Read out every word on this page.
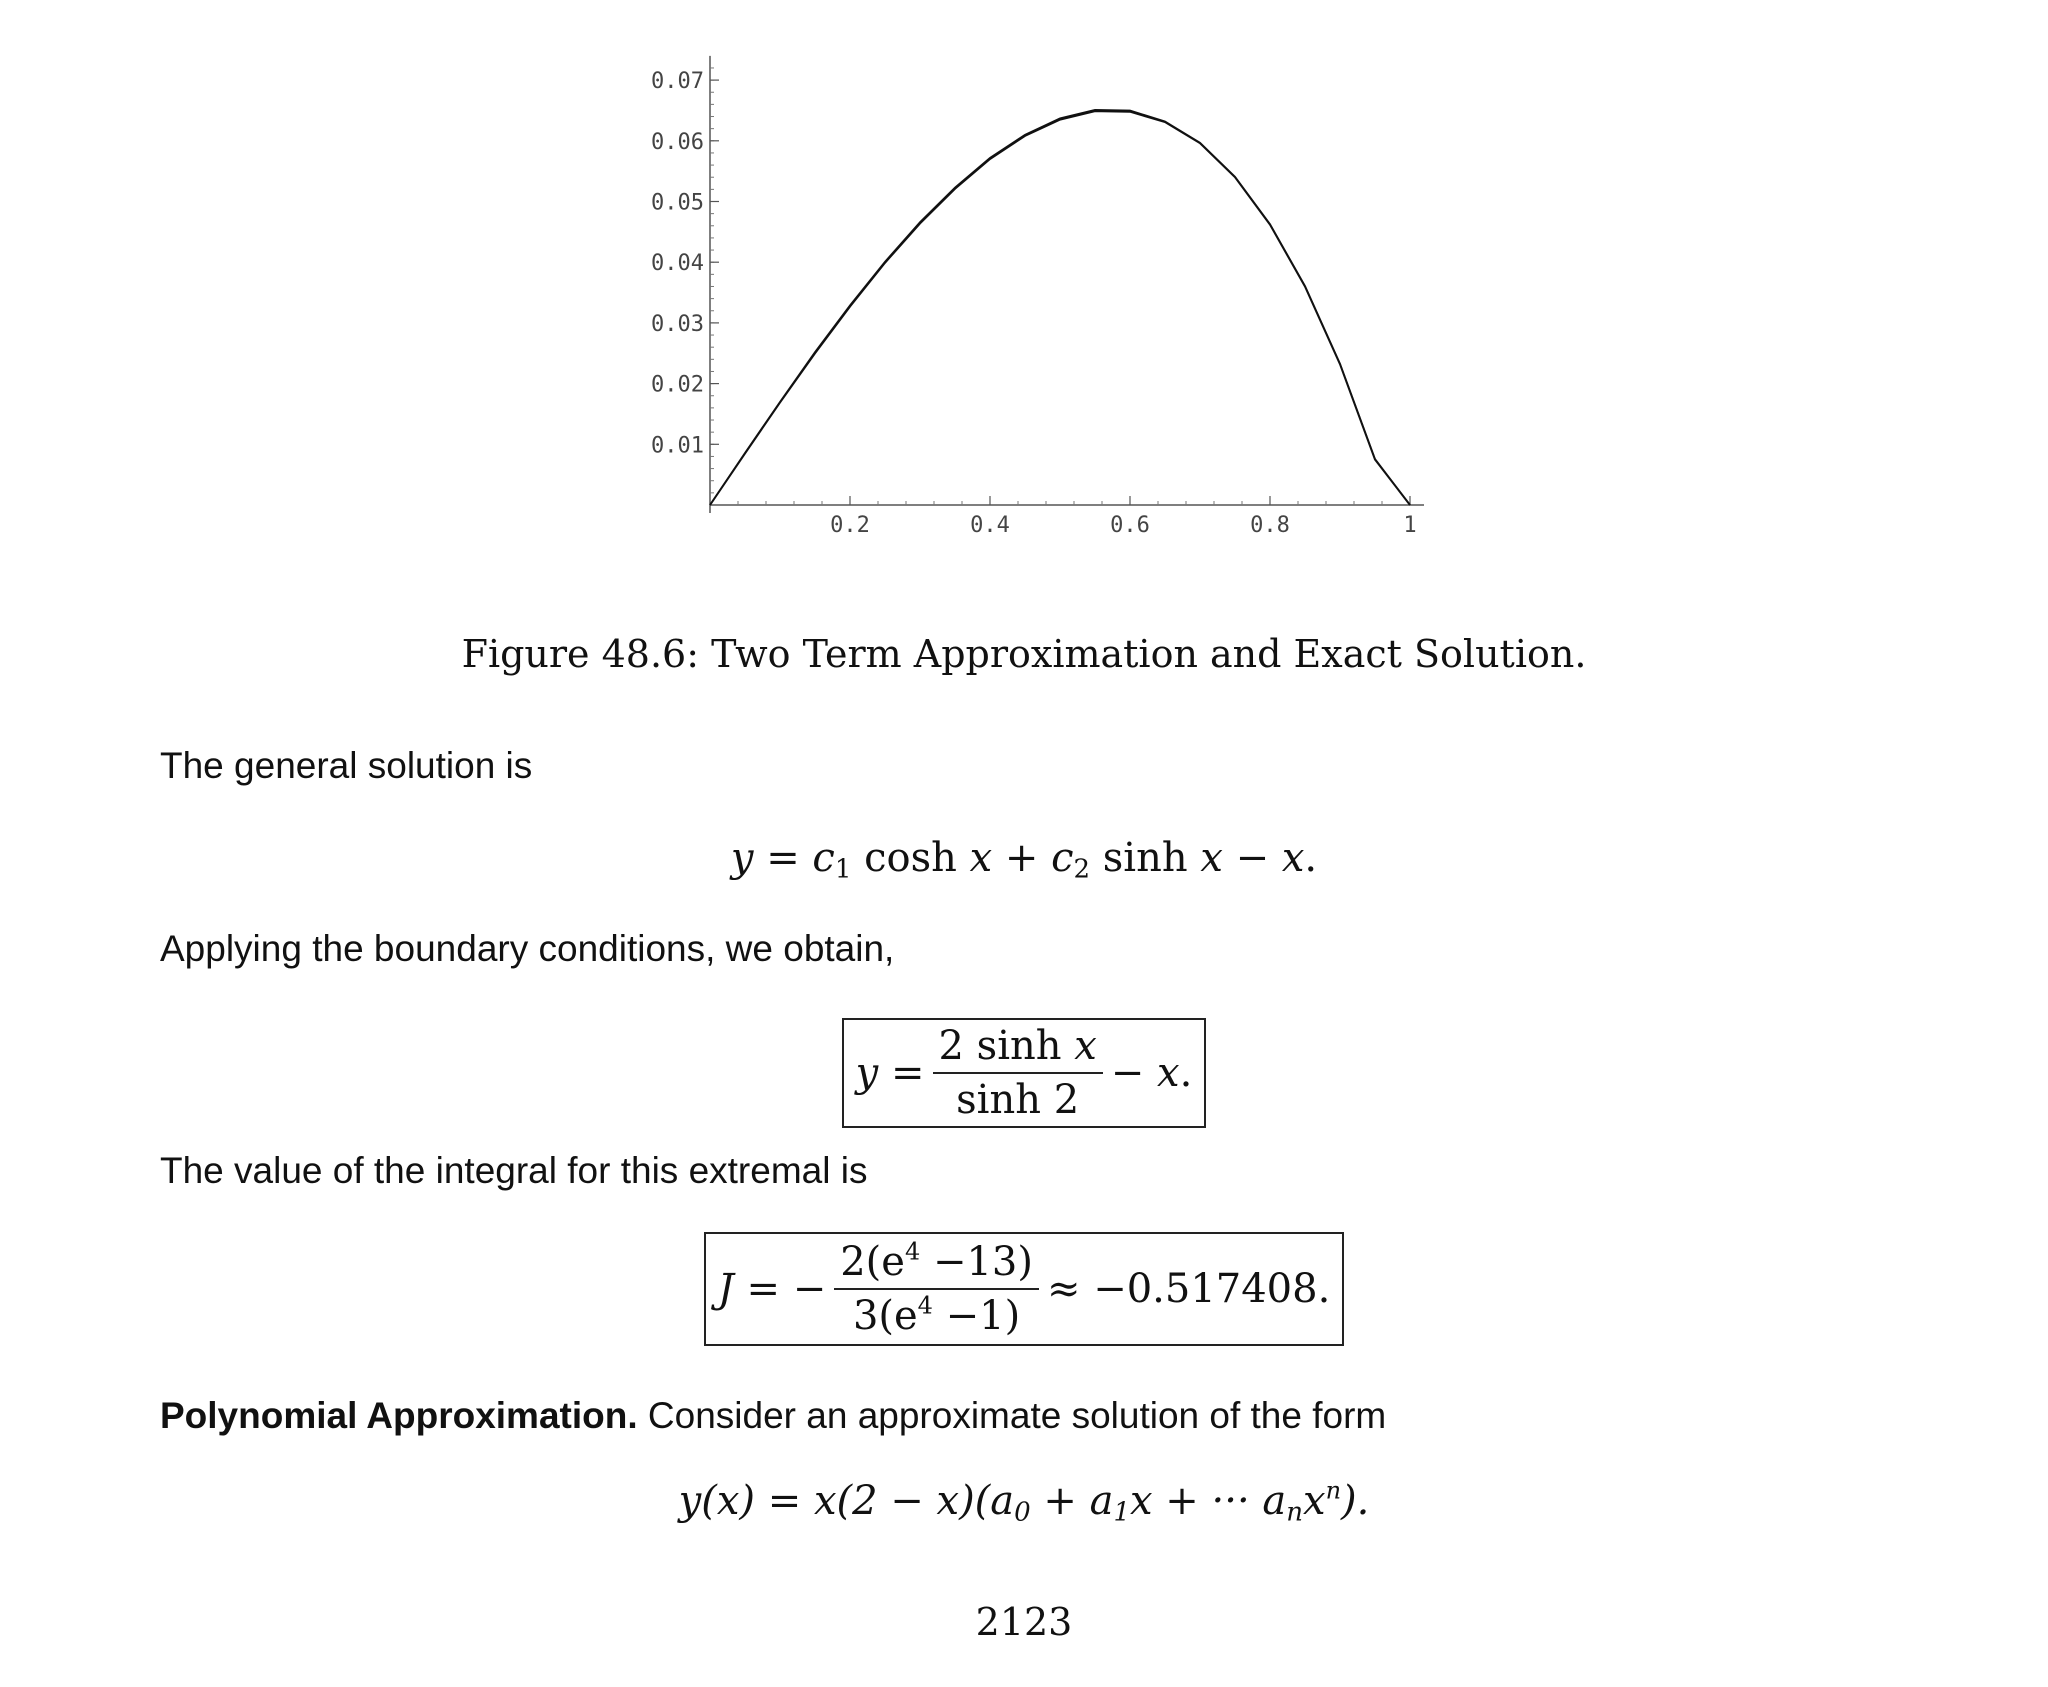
0.2	0.4	0.6	0.8	1
0.01
0.02
0.03
0.04
0.05
0.06
0.07
Figure 48.6: Two Term Approximation and Exact Solution.
The general solution is
$y = c_1$ $\cosh x + c_2$ sinh x − x.
Applying the boundary conditions, we obtain,
$y = \frac{\text{2 sinh x}}{\sinh 2}$ −
x .
The value of the integral for this extremal is
J
= − $\frac{2(e^4 -13)}{3(e^4 -1)} \approx -0.517408$.
Polynomial Approximation. Consider an approximate solution of the form
$y(x) = x(2 - x)(a_0 + a_1x$ + ··· $a_nx^n$).
2123
